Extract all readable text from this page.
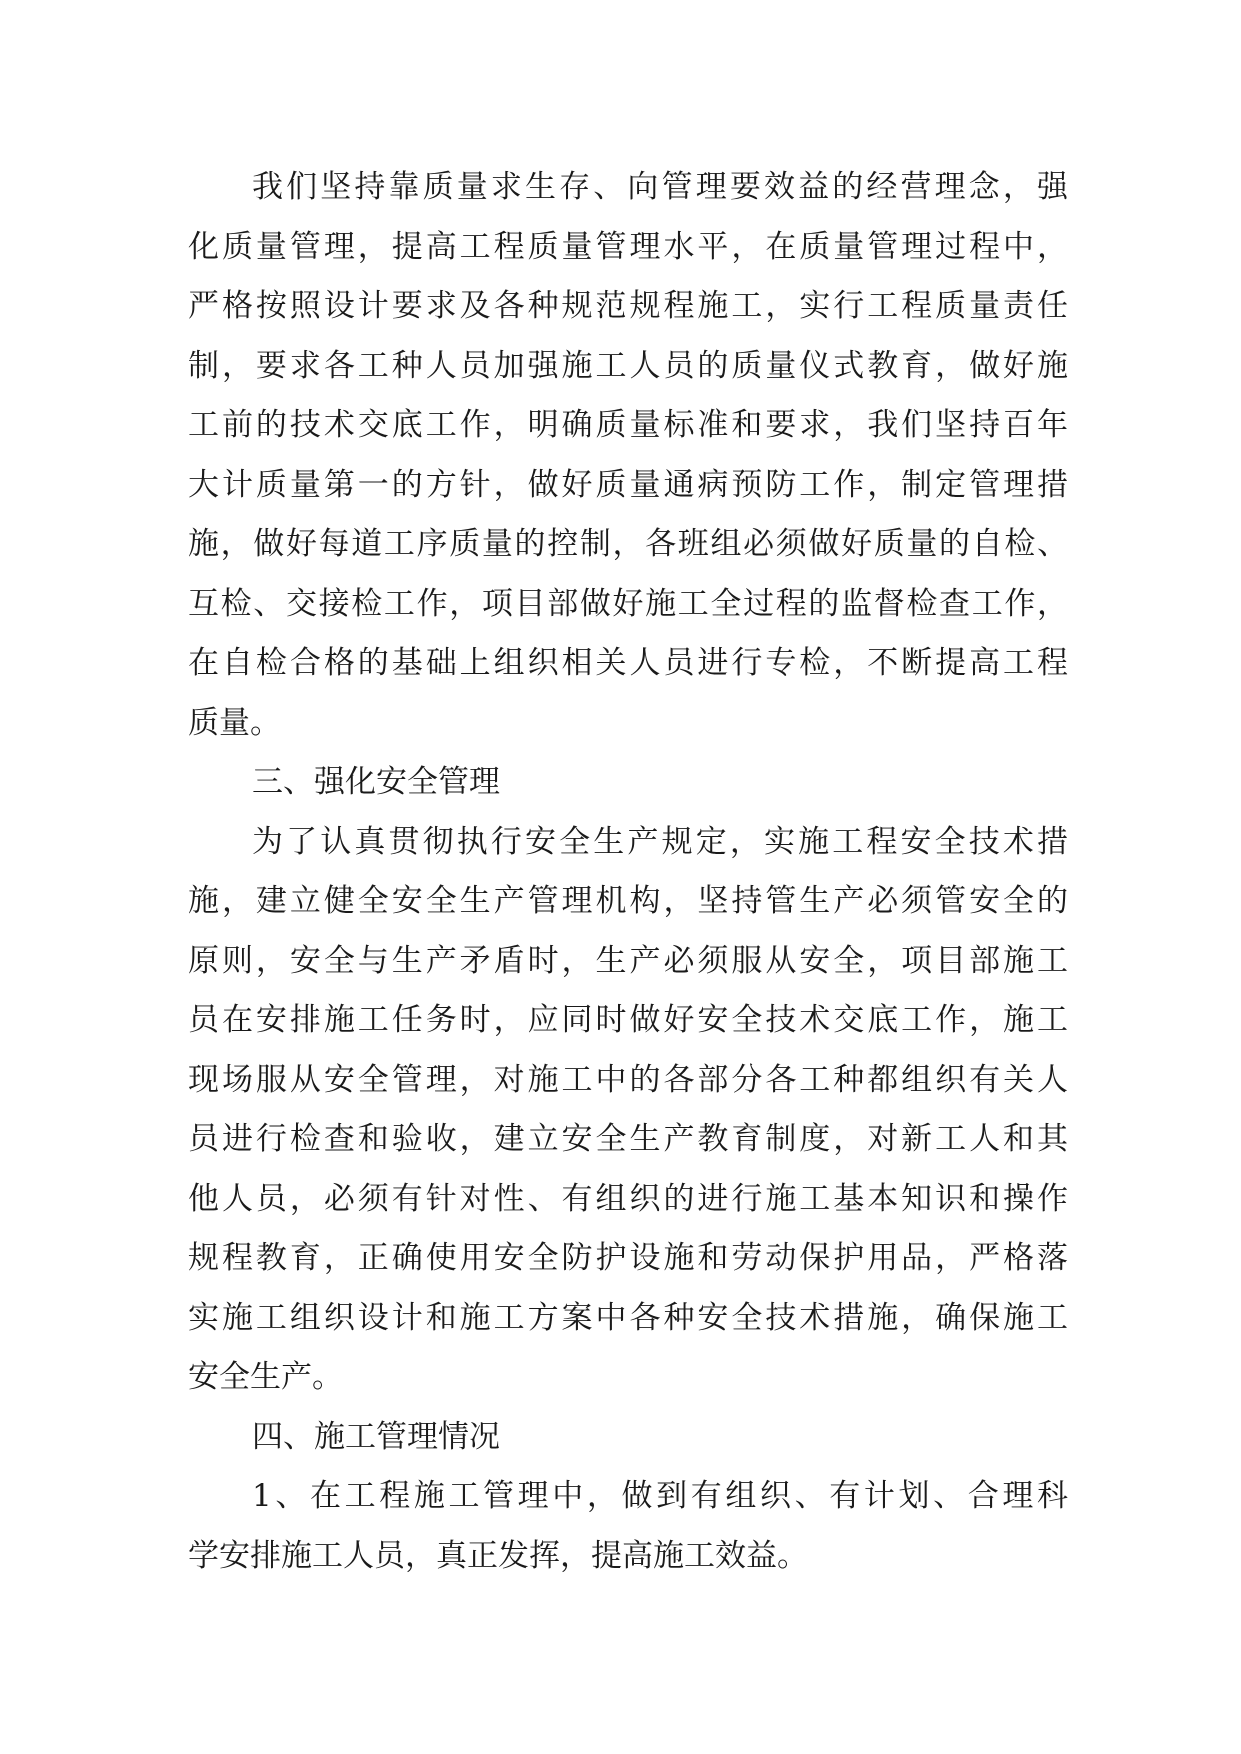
我们坚持靠质量求生存、向管理要效益的经营理念，强
化质量管理，提高工程质量管理水平，在质量管理过程中，
严格按照设计要求及各种规范规程施工，实行工程质量责任
制，要求各工种人员加强施工人员的质量仪式教育，做好施
工前的技术交底工作，明确质量标准和要求，我们坚持百年
大计质量第一的方针，做好质量通病预防工作，制定管理措
施，做好每道工序质量的控制，各班组必须做好质量的自检、
互检、交接检工作，项目部做好施工全过程的监督检查工作，
在自检合格的基础上组织相关人员进行专检，不断提高工程
质量。
三、强化安全管理
为了认真贯彻执行安全生产规定，实施工程安全技术措
施，建立健全安全生产管理机构，坚持管生产必须管安全的
原则，安全与生产矛盾时，生产必须服从安全，项目部施工
员在安排施工任务时，应同时做好安全技术交底工作，施工
现场服从安全管理，对施工中的各部分各工种都组织有关人
员进行检查和验收，建立安全生产教育制度，对新工人和其
他人员，必须有针对性、有组织的进行施工基本知识和操作
规程教育，正确使用安全防护设施和劳动保护用品，严格落
实施工组织设计和施工方案中各种安全技术措施，确保施工
安全生产。
四、施工管理情况
1、在工程施工管理中，做到有组织、有计划、合理科
学安排施工人员，真正发挥，提高施工效益。
